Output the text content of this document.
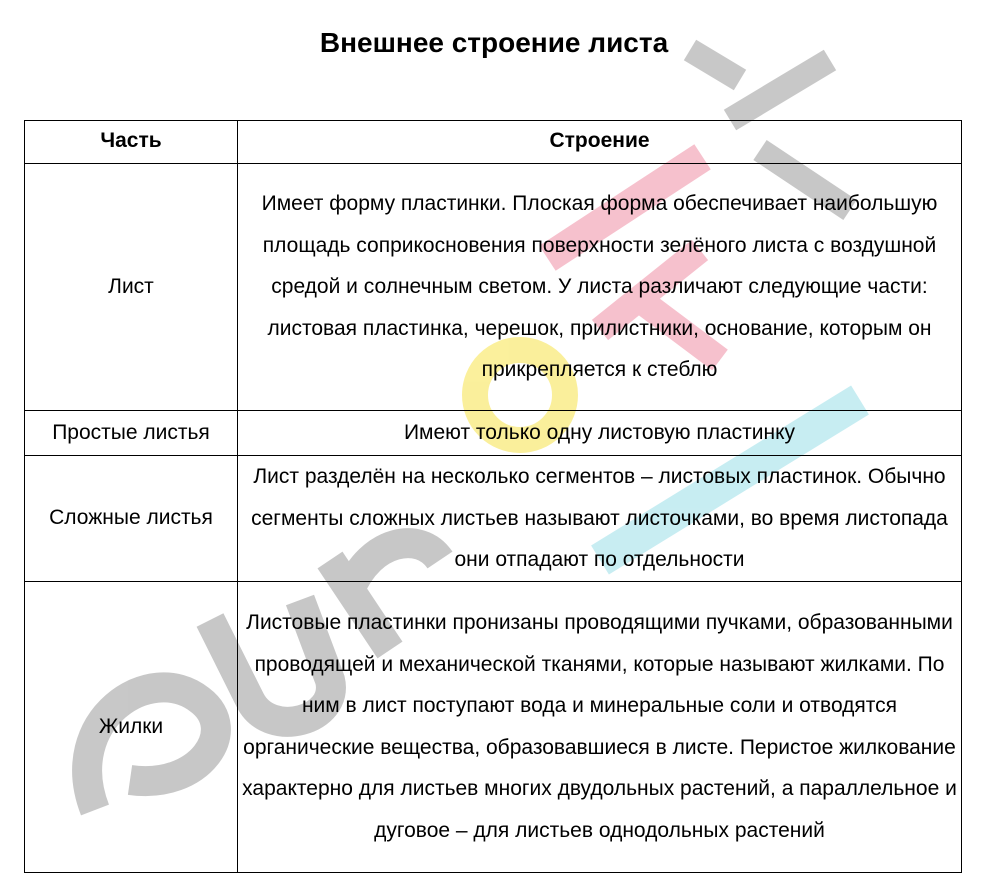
Внешнее строение листа
Часть	Строение
Лист	Имеет форму пластинки. Плоская форма обеспечивает наибольшую площадь соприкосновения поверхности зелёного листа с воздушной средой и солнечным светом. У листа различают следующие части: листовая пластинка, черешок, прилистники, основание, которым он прикрепляется к стеблю
Простые листья	Имеют только одну листовую пластинку
Сложные листья	Лист разделён на несколько сегментов – листовых пластинок. Обычно сегменты сложных листьев называют листочками, во время листопада они отпадают по отдельности
Жилки	Листовые пластинки пронизаны проводящими пучками, образованными проводящей и механической тканями, которые называют жилками. По ним в лист поступают вода и минеральные соли и отводятся органические вещества, образовавшиеся в листе. Перистое жилкование характерно для листьев многих двудольных растений, а параллельное и дуговое – для листьев однодольных растений
